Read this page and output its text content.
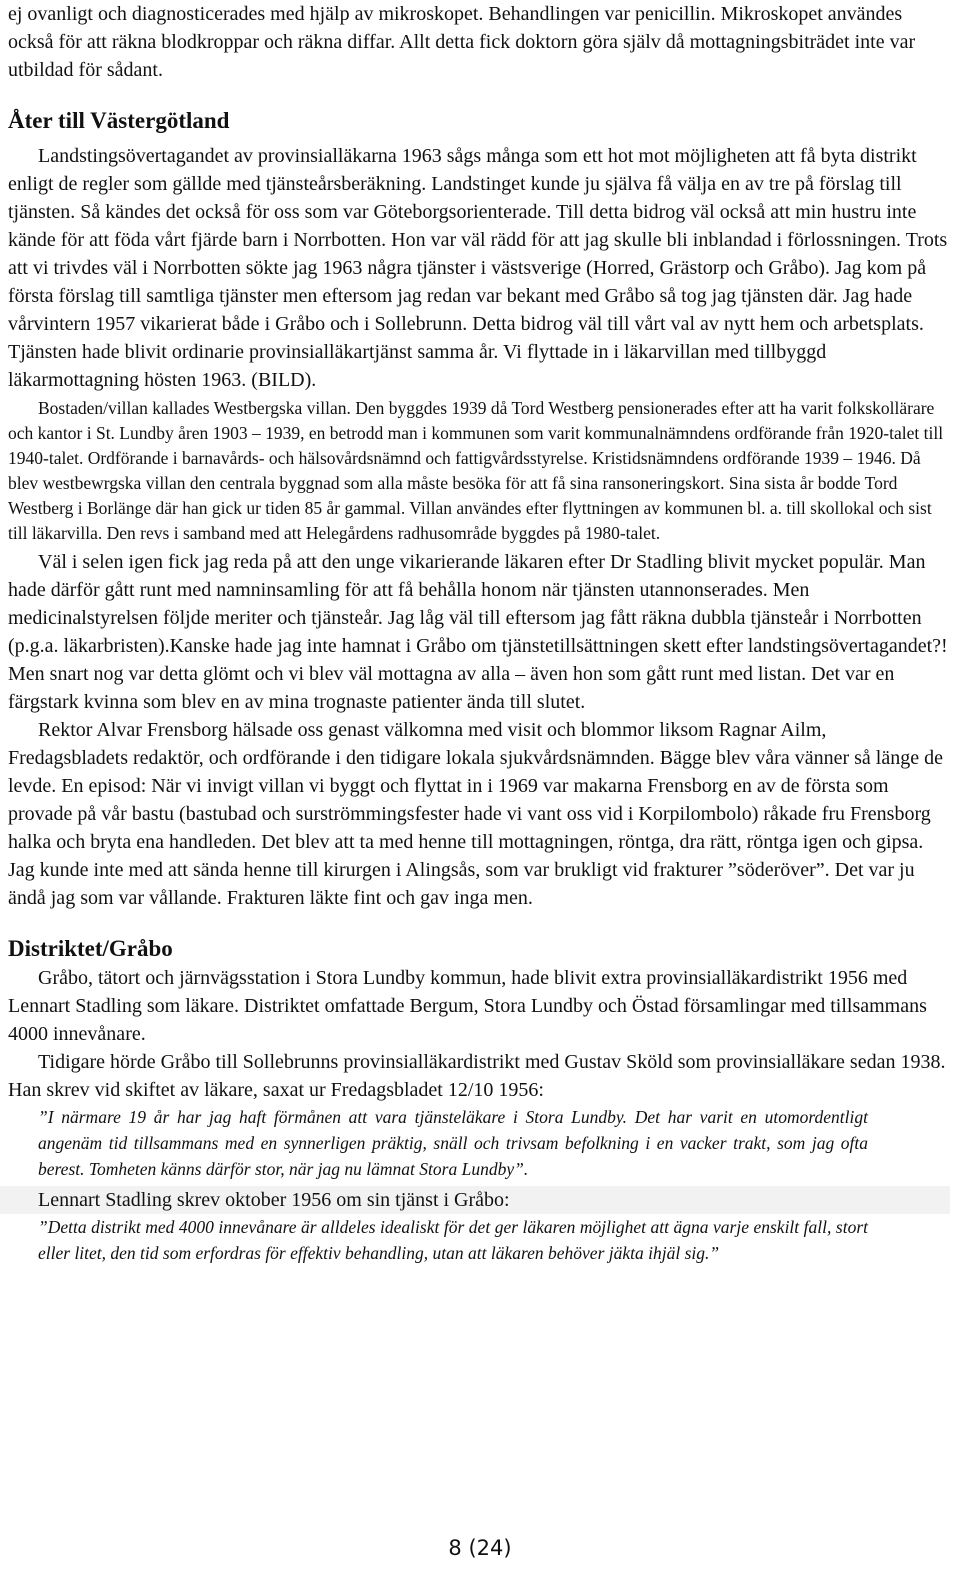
ej ovanligt och diagnosticerades med hjälp av mikroskopet. Behandlingen var penicillin. Mikroskopet användes också för att räkna blodkroppar och räkna diffar. Allt detta fick doktorn göra själv då mottagningsbiträdet inte var utbildad för sådant.

Åter till Västergötland

Landstingsövertagandet av provinsialläkarna 1963 sågs många som ett hot mot möjligheten att få byta distrikt enligt de regler som gällde med tjänsteårsberäkning. Landstinget kunde ju själva få välja en av tre på förslag till tjänsten. Så kändes det också för oss som var Göteborgsorienterade. Till detta bidrog väl också att min hustru inte kände för att föda vårt fjärde barn i Norrbotten. Hon var väl rädd för att jag skulle bli inblandad i förlossningen. Trots att vi trivdes väl i Norrbotten sökte jag 1963 några tjänster i västsverige (Horred, Grästorp och Gråbo). Jag kom på första förslag till samtliga tjänster men eftersom jag redan var bekant med Gråbo så tog jag tjänsten där. Jag hade vårvintern 1957 vikarierat både i Gråbo och i Sollebrunn. Detta bidrog väl till vårt val av nytt hem och arbetsplats. Tjänsten hade blivit ordinarie provinsialläkartjänst samma år. Vi flyttade in i läkarvillan med tillbyggd läkarmottagning hösten 1963. (BILD).

Bostaden/villan kallades Westbergska villan. Den byggdes 1939 då Tord Westberg pensionerades efter att ha varit folkskollärare och kantor i St. Lundby åren 1903 – 1939, en betrodd man i kommunen som varit kommunalnämndens ordförande från 1920-talet till 1940-talet. Ordförande i barnavårds- och hälsovårdsnämnd och fattigvårdsstyrelse. Kristidsnämndens ordförande 1939 – 1946. Då blev westbewrgska villan den centrala byggnad som alla måste besöka för att få sina ransoneringskort. Sina sista år bodde Tord Westberg i Borlänge där han gick ur tiden 85 år gammal. Villan användes efter flyttningen av kommunen bl. a. till skollokal och sist till läkarvilla. Den revs i samband med att Helegårdens radhusområde byggdes på 1980-talet.

Väl i selen igen fick jag reda på att den unge vikarierande läkaren efter Dr Stadling blivit mycket populär. Man hade därför gått runt med namninsamling för att få behålla honom när tjänsten utannonserades. Men medicinalstyrelsen följde meriter och tjänsteår. Jag låg väl till eftersom jag fått räkna dubbla tjänsteår i Norrbotten (p.g.a. läkarbristen).Kanske hade jag inte hamnat i Gråbo om tjänstetillsättningen skett efter landstingsövertagandet?! Men snart nog var detta glömt och vi blev väl mottagna av alla – även hon som gått runt med listan. Det var en färgstark kvinna som blev en av mina trognaste patienter ända till slutet.

Rektor Alvar Frensborg hälsade oss genast välkomna med visit och blommor liksom Ragnar Ailm, Fredagsbladets redaktör, och ordförande i den tidigare lokala sjukvårdsnämnden. Bägge blev våra vänner så länge de levde. En episod: När vi invigt villan vi byggt och flyttat in i 1969 var makarna Frensborg en av de första som provade på vår bastu (bastubad och surströmmingsfester hade vi vant oss vid i Korpilombolo) råkade fru Frensborg halka och bryta ena handleden. Det blev att ta med henne till mottagningen, röntga, dra rätt, röntga igen och gipsa. Jag kunde inte med att sända henne till kirurgen i Alingsås, som var brukligt vid frakturer ”söderöver”. Det var ju ändå jag som var vållande. Frakturen läkte fint och gav inga men.

Distriktet/Gråbo

Gråbo, tätort och järnvägsstation i Stora Lundby kommun, hade blivit extra provinsialläkardistrikt 1956 med Lennart Stadling som läkare. Distriktet omfattade Bergum, Stora Lundby och Östad församlingar med tillsammans 4000 innevånare.

Tidigare hörde Gråbo till Sollebrunns provinsialläkardistrikt med Gustav Sköld som provinsialläkare sedan 1938. Han skrev vid skiftet av läkare, saxat ur Fredagsbladet 12/10 1956:

”I närmare 19 år har jag haft förmånen att vara tjänsteläkare i Stora Lundby. Det har varit en utomordentligt angenäm tid tillsammans med en synnerligen präktig, snäll och trivsam befolkning i en vacker trakt, som jag ofta berest. Tomheten känns därför stor, när jag nu lämnat Stora Lundby”.

Lennart Stadling skrev oktober 1956 om sin tjänst i Gråbo:

”Detta distrikt med 4000 innevånare är alldeles idealiskt för det ger läkaren möjlighet att ägna varje enskilt fall, stort eller litet, den tid som erfordras för effektiv behandling, utan att läkaren behöver jäkta ihjäl sig.”

8 (24)
